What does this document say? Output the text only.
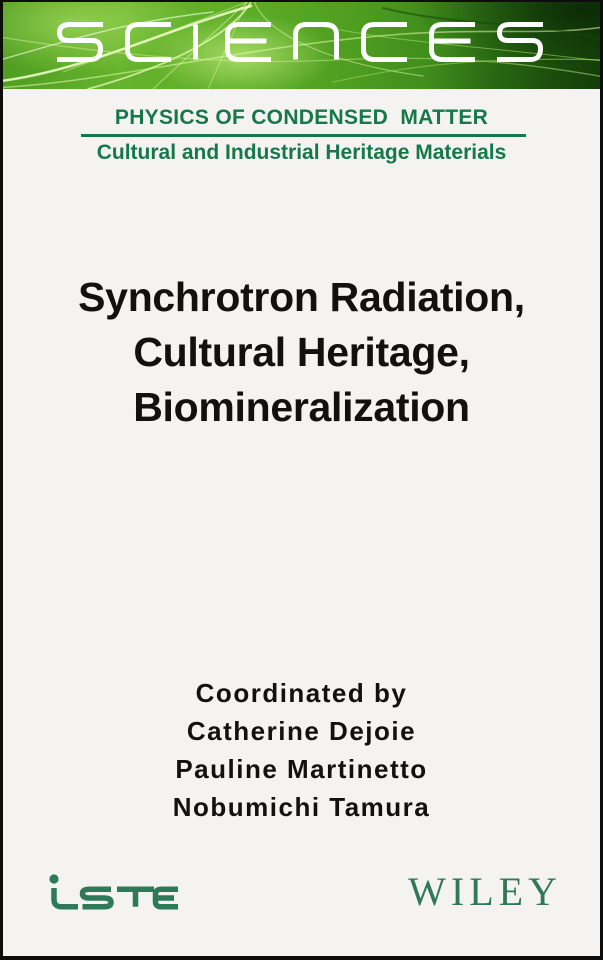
PHYSICS OF CONDENSED  MATTER
Cultural and Industrial Heritage Materials
Synchrotron Radiation,
Cultural Heritage,
Biomineralization
Coordinated by
Catherine Dejoie
Pauline Martinetto
Nobumichi Tamura
WILEY
